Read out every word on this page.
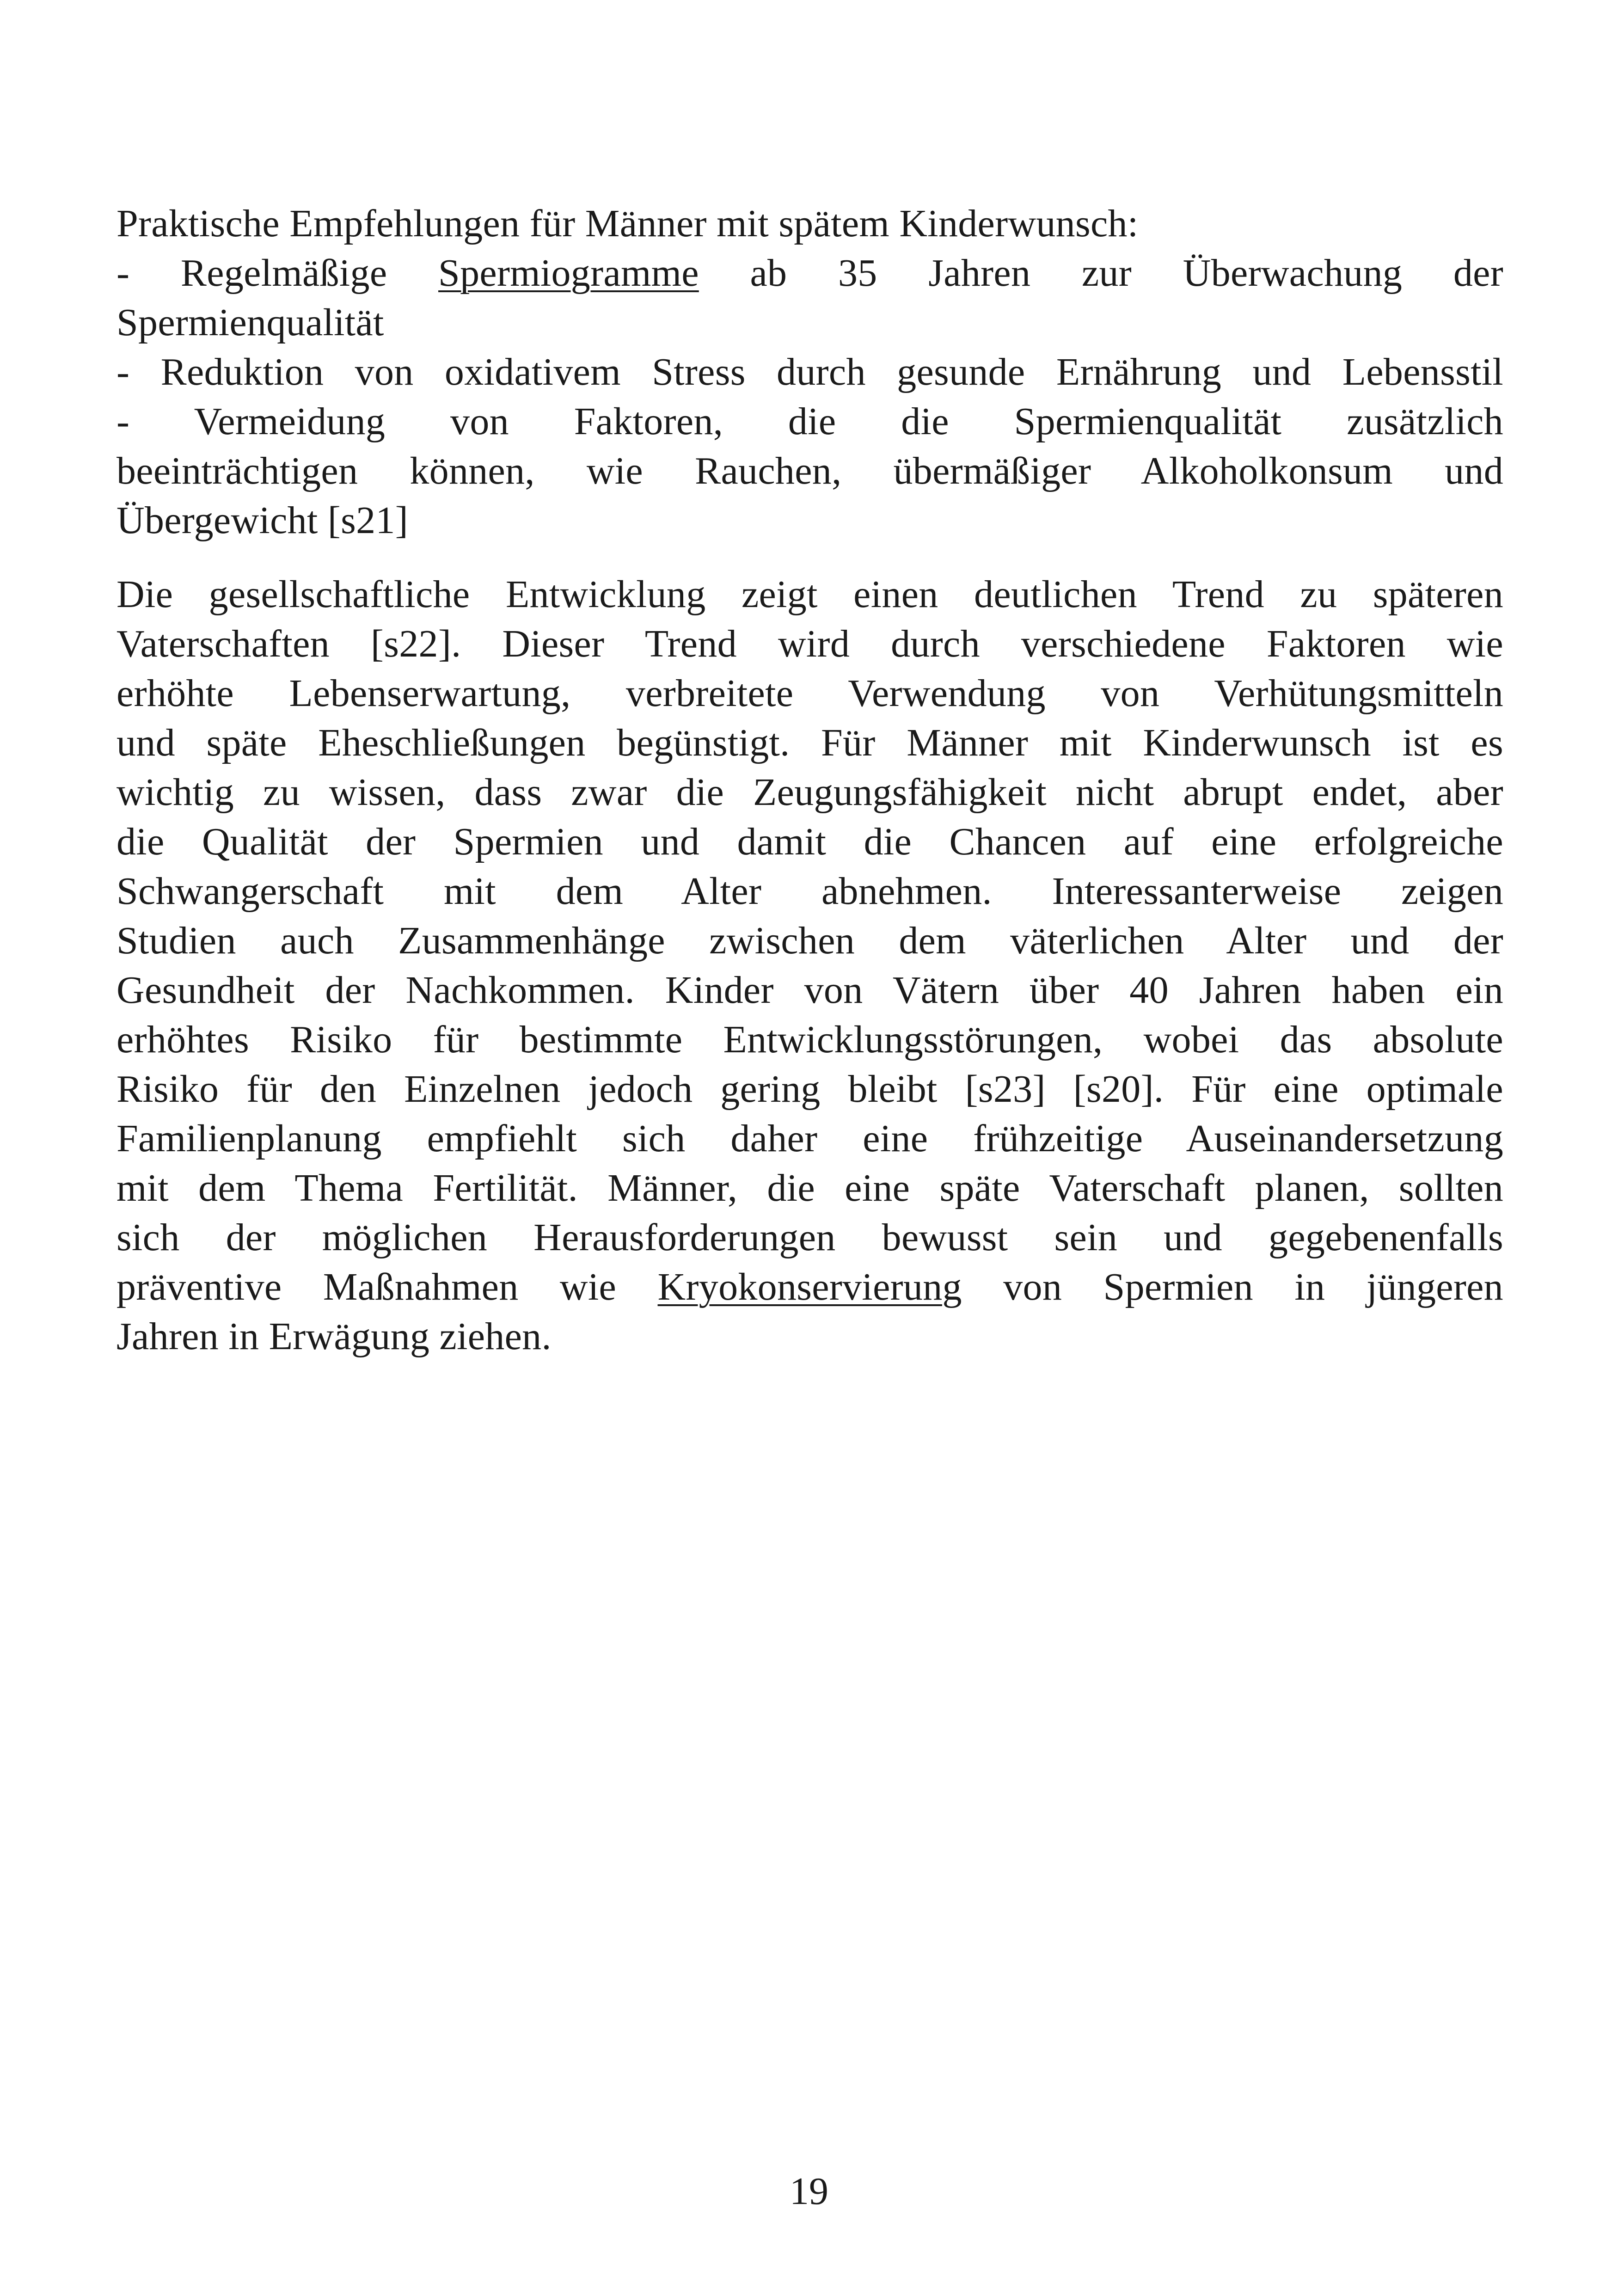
Praktische Empfehlungen für Männer mit spätem Kinderwunsch:
- Regelmäßige Spermiogramme ab 35 Jahren zur Überwachung der
Spermienqualität
- Reduktion von oxidativem Stress durch gesunde Ernährung und Lebensstil
- Vermeidung von Faktoren, die die Spermienqualität zusätzlich
beeinträchtigen können, wie Rauchen, übermäßiger Alkoholkonsum und
Übergewicht [s21]
Die gesellschaftliche Entwicklung zeigt einen deutlichen Trend zu späteren
Vaterschaften [s22]. Dieser Trend wird durch verschiedene Faktoren wie
erhöhte Lebenserwartung, verbreitete Verwendung von Verhütungsmitteln
und späte Eheschließungen begünstigt. Für Männer mit Kinderwunsch ist es
wichtig zu wissen, dass zwar die Zeugungsfähigkeit nicht abrupt endet, aber
die Qualität der Spermien und damit die Chancen auf eine erfolgreiche
Schwangerschaft mit dem Alter abnehmen. Interessanterweise zeigen
Studien auch Zusammenhänge zwischen dem väterlichen Alter und der
Gesundheit der Nachkommen. Kinder von Vätern über 40 Jahren haben ein
erhöhtes Risiko für bestimmte Entwicklungsstörungen, wobei das absolute
Risiko für den Einzelnen jedoch gering bleibt [s23] [s20]. Für eine optimale
Familienplanung empfiehlt sich daher eine frühzeitige Auseinandersetzung
mit dem Thema Fertilität. Männer, die eine späte Vaterschaft planen, sollten
sich der möglichen Herausforderungen bewusst sein und gegebenenfalls
präventive Maßnahmen wie Kryokonservierung von Spermien in jüngeren
Jahren in Erwägung ziehen.
19
